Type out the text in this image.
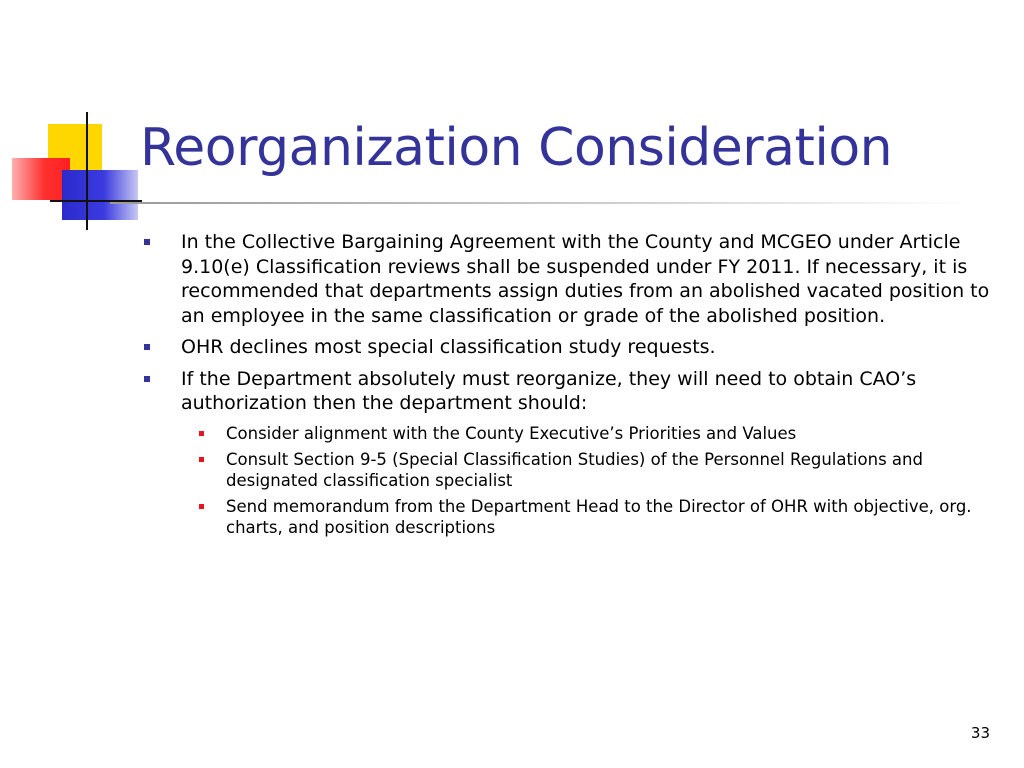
Reorganization Consideration
In the Collective Bargaining Agreement with the County and MCGEO under Article 9.10(e) Classification reviews shall be suspended under FY 2011. If necessary, it is recommended that departments assign duties from an abolished vacated position to an employee in the same classification or grade of the abolished position.
OHR declines most special classification study requests.
If the Department absolutely must reorganize, they will need to obtain CAO’s authorization then the department should:
Consider alignment with the County Executive’s Priorities and Values
Consult Section 9-5 (Special Classification Studies) of the Personnel Regulations and designated classification specialist
Send memorandum from the Department Head to the Director of OHR with objective, org. charts, and position descriptions
33
